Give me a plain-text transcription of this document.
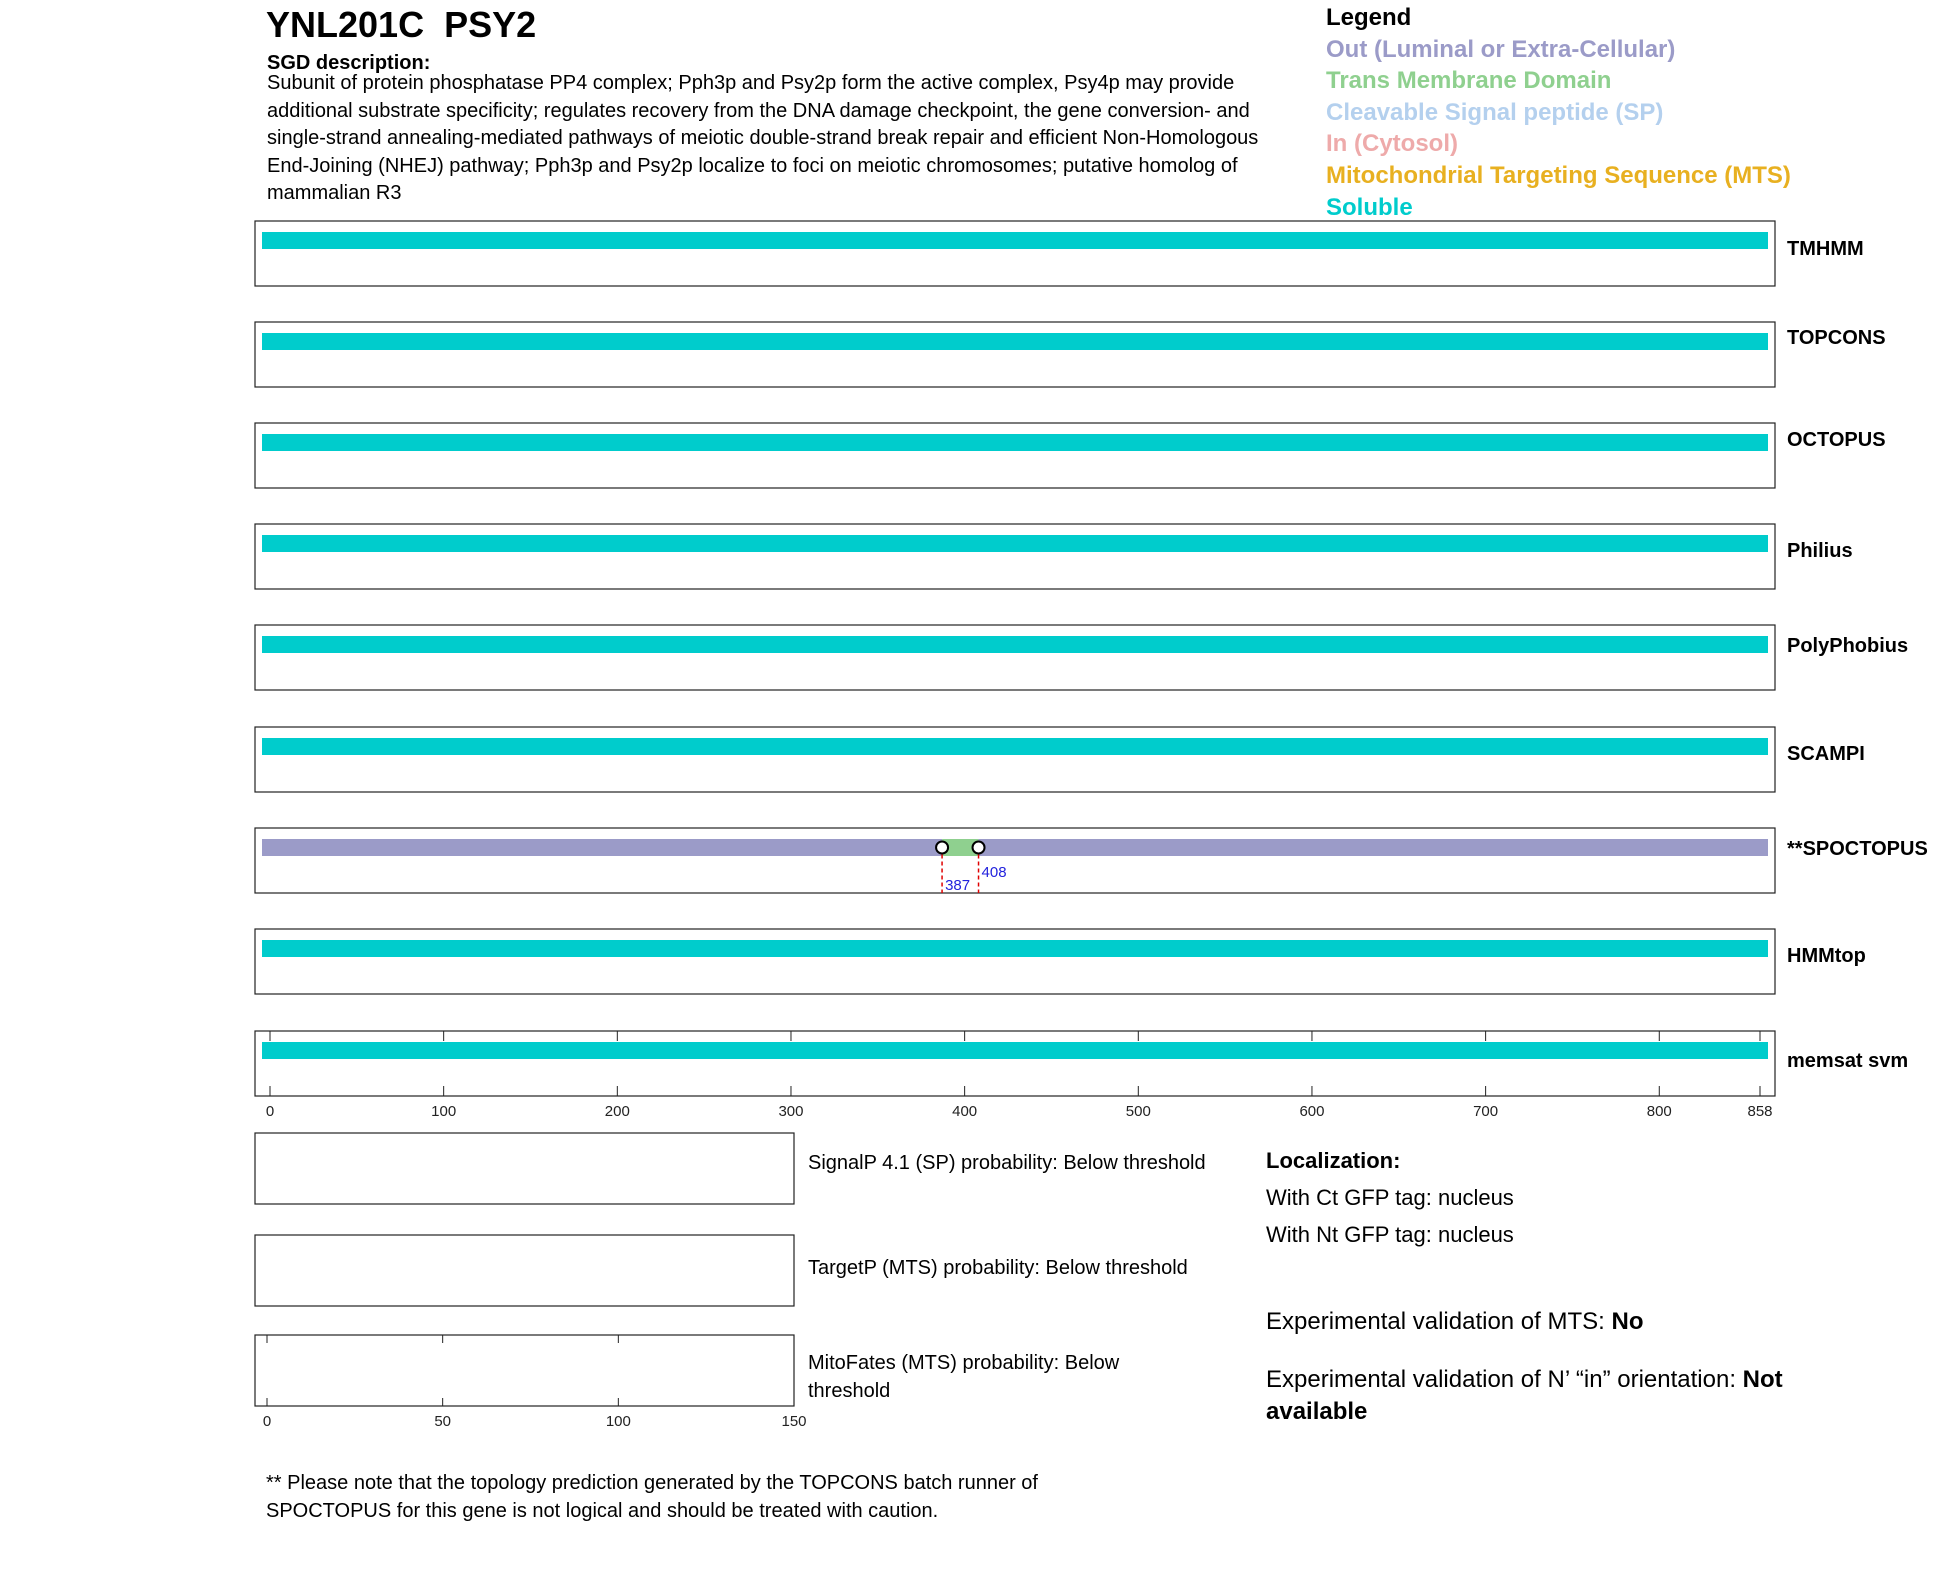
YNL201C  PSY2
SGD description:
Subunit of protein phosphatase PP4 complex; Pph3p and Psy2p form the active complex, Psy4p may provide additional substrate specificity; regulates recovery from the DNA damage checkpoint, the gene conversion- and single-strand annealing-mediated pathways of meiotic double-strand break repair and efficient Non-Homologous End-Joining (NHEJ) pathway; Pph3p and Psy2p localize to foci on meiotic chromosomes; putative homolog of mammalian R3
Legend
Out (Luminal or Extra-Cellular)
Trans Membrane Domain
Cleavable Signal peptide (SP)
In (Cytosol)
Mitochondrial Targeting Sequence (MTS)
Soluble
TMHMM
TOPCONS
OCTOPUS
Philius
PolyPhobius
SCAMPI
387
408
**SPOCTOPUS
HMMtop
memsat svm
0	100	200	300	400	500	600	700	800	858
0	50	100	150
SignalP 4.1 (SP) probability: Below threshold
TargetP (MTS) probability: Below threshold
MitoFates (MTS) probability: Below threshold
Localization:
With Ct GFP tag: nucleus
With Nt GFP tag: nucleus
Experimental validation of MTS: No
Experimental validation of N’ “in” orientation: Not available
** Please note that the topology prediction generated by the TOPCONS batch runner of SPOCTOPUS for this gene is not logical and should be treated with caution.
